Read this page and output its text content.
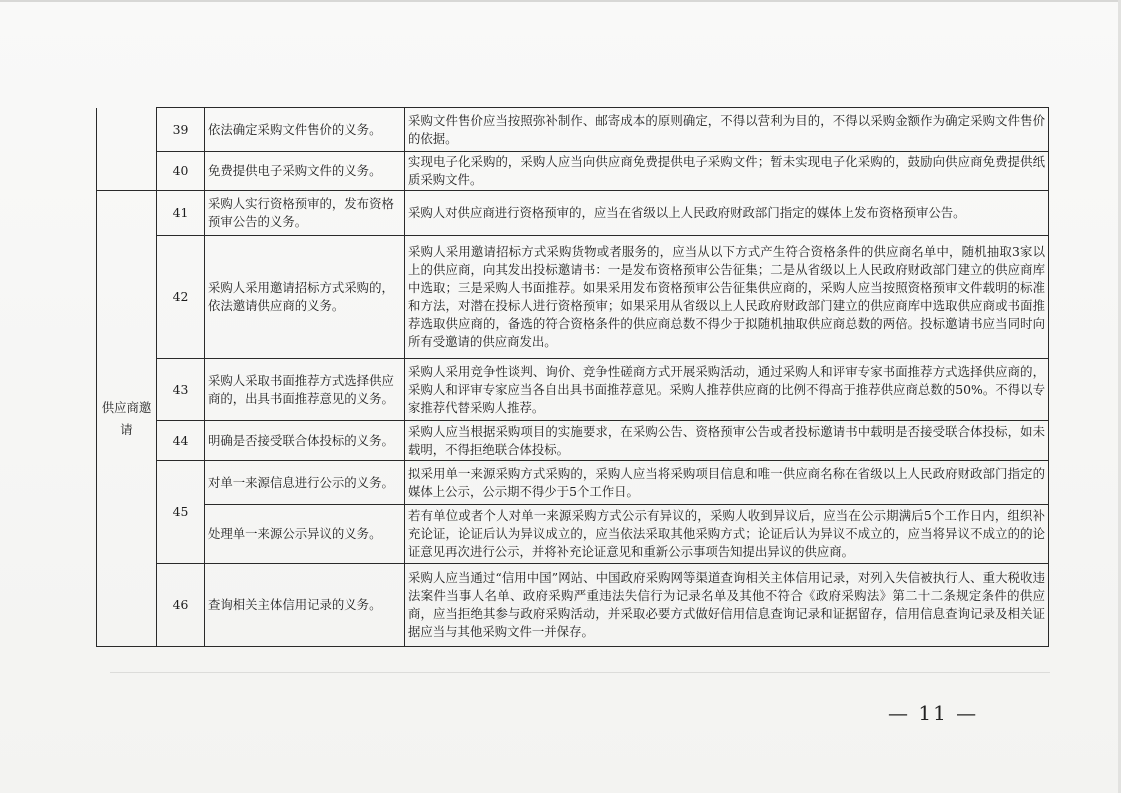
	39	依法确定采购文件售价的义务。	采购文件售价应当按照弥补制作、邮寄成本的原则确定，不得以营利为目的，不得以采购金额作为确定采购文件售价的依据。
	40	免费提供电子采购文件的义务。	实现电子化采购的，采购人应当向供应商免费提供电子采购文件；暂未实现电子化采购的，鼓励向供应商免费提供纸质采购文件。
供应商邀请	41	采购人实行资格预审的，发布资格预审公告的义务。	采购人对供应商进行资格预审的，应当在省级以上人民政府财政部门指定的媒体上发布资格预审公告。
	42	采购人采用邀请招标方式采购的，依法邀请供应商的义务。	采购人采用邀请招标方式采购货物或者服务的，应当从以下方式产生符合资格条件的供应商名单中，随机抽取3家以上的供应商，向其发出投标邀请书：一是发布资格预审公告征集；二是从省级以上人民政府财政部门建立的供应商库中选取；三是采购人书面推荐。如果采用发布资格预审公告征集供应商的，采购人应当按照资格预审文件载明的标准和方法，对潜在投标人进行资格预审；如果采用从省级以上人民政府财政部门建立的供应商库中选取供应商或书面推荐选取供应商的，备选的符合资格条件的供应商总数不得少于拟随机抽取供应商总数的两倍。投标邀请书应当同时向所有受邀请的供应商发出。
	43	采购人采取书面推荐方式选择供应商的，出具书面推荐意见的义务。	采购人采用竞争性谈判、询价、竞争性磋商方式开展采购活动，通过采购人和评审专家书面推荐方式选择供应商的，采购人和评审专家应当各自出具书面推荐意见。采购人推荐供应商的比例不得高于推荐供应商总数的50%。不得以专家推荐代替采购人推荐。
	44	明确是否接受联合体投标的义务。	采购人应当根据采购项目的实施要求，在采购公告、资格预审公告或者投标邀请书中载明是否接受联合体投标，如未载明，不得拒绝联合体投标。
	45	对单一来源信息进行公示的义务。	拟采用单一来源采购方式采购的，采购人应当将采购项目信息和唯一供应商名称在省级以上人民政府财政部门指定的媒体上公示，公示期不得少于5个工作日。
		处理单一来源公示异议的义务。	若有单位或者个人对单一来源采购方式公示有异议的，采购人收到异议后，应当在公示期满后5个工作日内，组织补充论证，论证后认为异议成立的，应当依法采取其他采购方式；论证后认为异议不成立的，应当将异议不成立的的论证意见再次进行公示，并将补充论证意见和重新公示事项告知提出异议的供应商。
	46	查询相关主体信用记录的义务。	采购人应当通过“信用中国”网站、中国政府采购网等渠道查询相关主体信用记录，对列入失信被执行人、重大税收违法案件当事人名单、政府采购严重违法失信行为记录名单及其他不符合《政府采购法》第二十二条规定条件的供应商，应当拒绝其参与政府采购活动，并采取必要方式做好信用信息查询记录和证据留存，信用信息查询记录及相关证据应当与其他采购文件一并保存。
— 11 —
